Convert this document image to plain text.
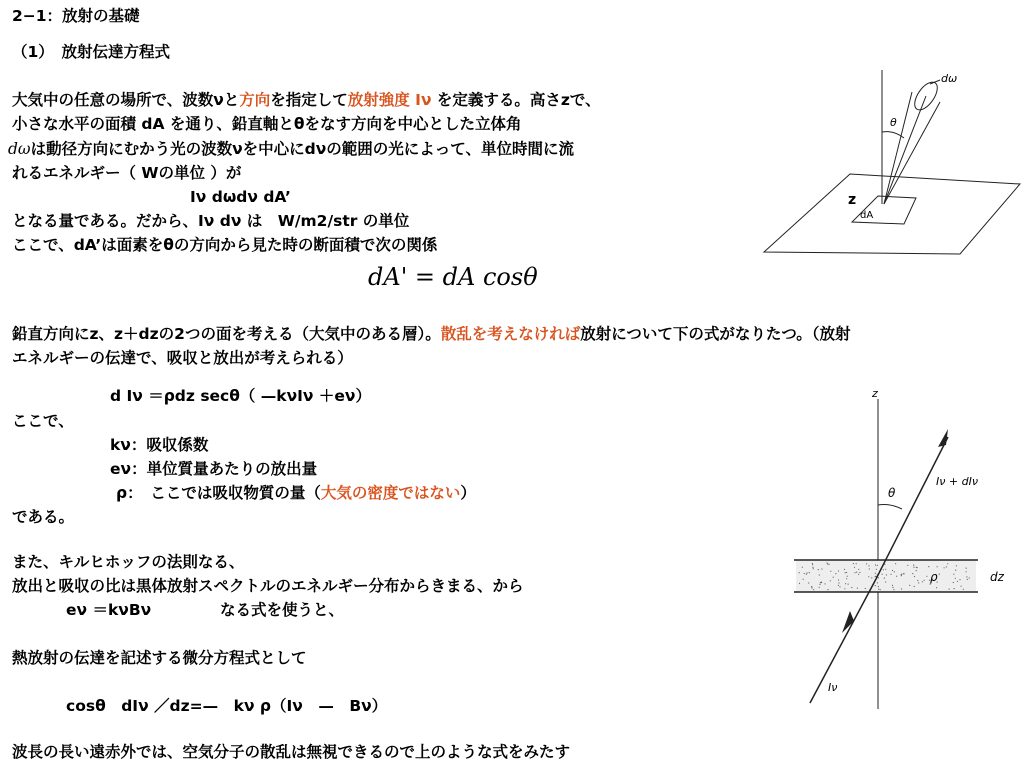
2−1：放射の基礎
（1）　放射伝達方程式
大気中の任意の場所で、波数νと方向を指定して放射強度 Iν を定義する。高さzで、
小さな水平の面積 dA を通り、鉛直軸とθをなす方向を中心とした立体角
dωは動径方向にむかう光の波数νを中心にdνの範囲の光によって、単位時間に流
れるエネルギー（ Wの単位 ）が
Iν dωdν dA’
となる量である。だから、Iν dν は　W/m2/str の単位
ここで、dA’は面素をθの方向から見た時の断面積で次の関係
dA' = dA cosθ
鉛直方向にz、z＋dzの2つの面を考える（大気中のある層）。散乱を考えなければ放射について下の式がなりたつ。（放射
エネルギーの伝達で、吸収と放出が考えられる）
d Iν ＝ρdz secθ（ —kνIν ＋eν）
ここで、
kν：吸収係数
eν：単位質量あたりの放出量
ρ：　ここでは吸収物質の量（大気の密度ではない）
である。
また、キルヒホッフの法則なる、
放出と吸収の比は黒体放射スペクトルのエネルギー分布からきまる、から
eν ＝kνBν	なる式を使うと、
熱放射の伝達を記述する微分方程式として
cosθ　dIν ／dz=—　kν ρ（Iν　—　Bν）
波長の長い遠赤外では、空気分子の散乱は無視できるので上のような式をみたす
dω
θ
z
dA
z
θ
Iν + dIν
ρ	dz
Iν
